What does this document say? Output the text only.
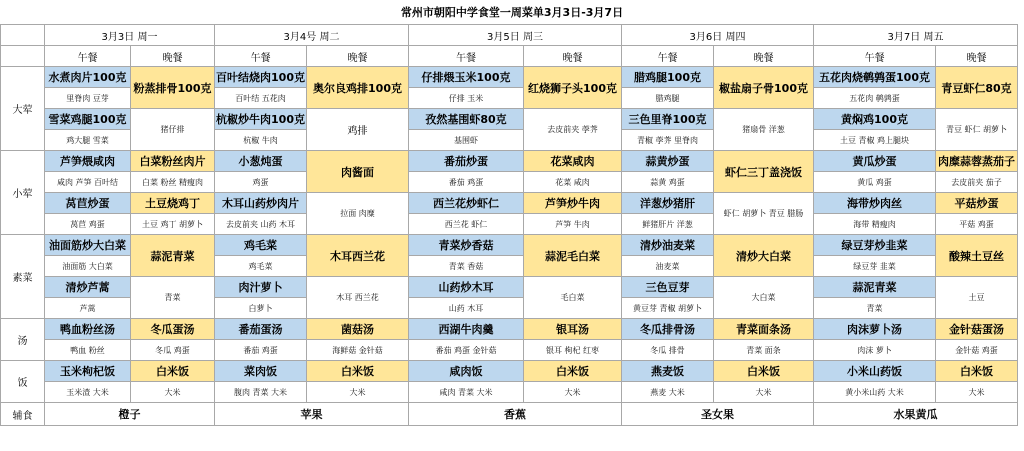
常州市朝阳中学食堂一周菜单3月3日-3月7日
	3月3日 周一		3月4号 周二		3月5日 周三		3月6日 周四		3月7日 周五	
	午餐	晚餐	午餐	晚餐	午餐	晚餐	午餐	晚餐	午餐	晚餐
大荤	水煮肉片100克	粉蒸排骨100克	百叶结烧肉100克	奥尔良鸡排100克	仔排煨玉米100克	红烧狮子头100克	腊鸡腿100克	椒盐扇子骨100克	五花肉烧鹌鹑蛋100克	青豆虾仁80克
	里脊肉 豆芽		百叶结 五花肉		仔排 玉米		腊鸡腿		五花肉 鹌鹑蛋	
	雪菜鸡腿100克	猪仔排	杭椒炒牛肉100克	鸡排	孜然基围虾80克	去皮前夹 荸荠	三色里脊100克	猪扇骨 洋葱	黄焖鸡100克	青豆 虾仁 胡萝卜
	鸡大腿 雪菜		杭椒 牛肉		基围虾		青椒 荸荠 里脊肉		土豆 青椒 鸡上腿块	
小荤	芦笋煨咸肉	白菜粉丝肉片	小葱炖蛋	肉酱面	番茄炒蛋	花菜咸肉	蒜黄炒蛋	虾仁三丁盖浇饭	黄瓜炒蛋	肉糜蒜蓉蒸茄子
	咸肉 芦笋 百叶结	白菜 粉丝 精瘦肉	鸡蛋		番茄 鸡蛋	花菜 咸肉	蒜黄 鸡蛋		黄瓜 鸡蛋	去皮前夹 茄子
	莴苣炒蛋	土豆烧鸡丁	木耳山药炒肉片	拉面 肉糜	西兰花炒虾仁	芦笋炒牛肉	洋葱炒猪肝	虾仁 胡萝卜 青豆 腊肠	海带炒肉丝	平菇炒蛋
	莴苣 鸡蛋	土豆 鸡丁 胡萝卜	去皮前夹 山药 木耳		西兰花 虾仁	芦笋 牛肉	鲜猪肝片 洋葱		海带 精瘦肉	平菇 鸡蛋
素菜	油面筋炒大白菜	蒜泥青菜	鸡毛菜	木耳西兰花	青菜炒香菇	蒜泥毛白菜	清炒油麦菜	清炒大白菜	绿豆芽炒韭菜	酸辣土豆丝
	油面筋 大白菜		鸡毛菜		青菜 香菇		油麦菜		绿豆芽 韭菜	
	清炒芦蒿	青菜	肉汁萝卜	木耳 西兰花	山药炒木耳	毛白菜	三色豆芽	大白菜	蒜泥青菜	土豆
	芦蒿		白萝卜		山药 木耳		黄豆芽 青椒 胡萝卜		青菜	
汤	鸭血粉丝汤	冬瓜蛋汤	番茄蛋汤	菌菇汤	西湖牛肉羹	银耳汤	冬瓜排骨汤	青菜面条汤	肉沫萝卜汤	金针菇蛋汤
	鸭血 粉丝	冬瓜 鸡蛋	番茄 鸡蛋	海鲜菇 金针菇	番茄 鸡蛋 金针菇	银耳 枸杞 红枣	冬瓜 排骨	青菜 面条	肉沫 萝卜	金针菇 鸡蛋
饭	玉米枸杞饭	白米饭	菜肉饭	白米饭	咸肉饭	白米饭	燕麦饭	白米饭	小米山药饭	白米饭
	玉米渣 大米	大米	腹肉 青菜 大米	大米	咸肉 青菜 大米	大米	燕麦 大米	大米	黄小米山药 大米	大米
辅食	橙子		苹果		香蕉		圣女果		水果黄瓜	
